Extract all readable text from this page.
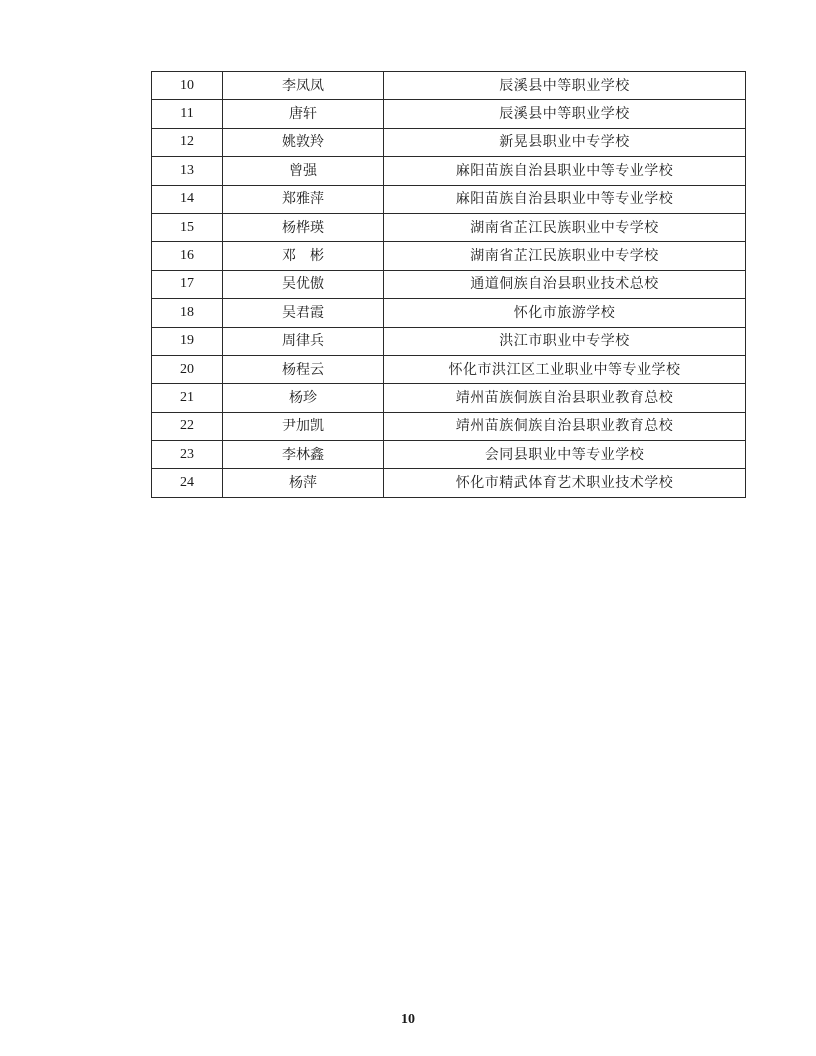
10	李凤凤	辰溪县中等职业学校
11	唐轩	辰溪县中等职业学校
12	姚敦羚	新晃县职业中专学校
13	曾强	麻阳苗族自治县职业中等专业学校
14	郑雅萍	麻阳苗族自治县职业中等专业学校
15	杨桦瑛	湖南省芷江民族职业中专学校
16	邓　彬	湖南省芷江民族职业中专学校
17	吴优傲	通道侗族自治县职业技术总校
18	吴君霞	怀化市旅游学校
19	周律兵	洪江市职业中专学校
20	杨程云	怀化市洪江区工业职业中等专业学校
21	杨珍	靖州苗族侗族自治县职业教育总校
22	尹加凯	靖州苗族侗族自治县职业教育总校
23	李林鑫	会同县职业中等专业学校
24	杨萍	怀化市精武体育艺术职业技术学校
10
